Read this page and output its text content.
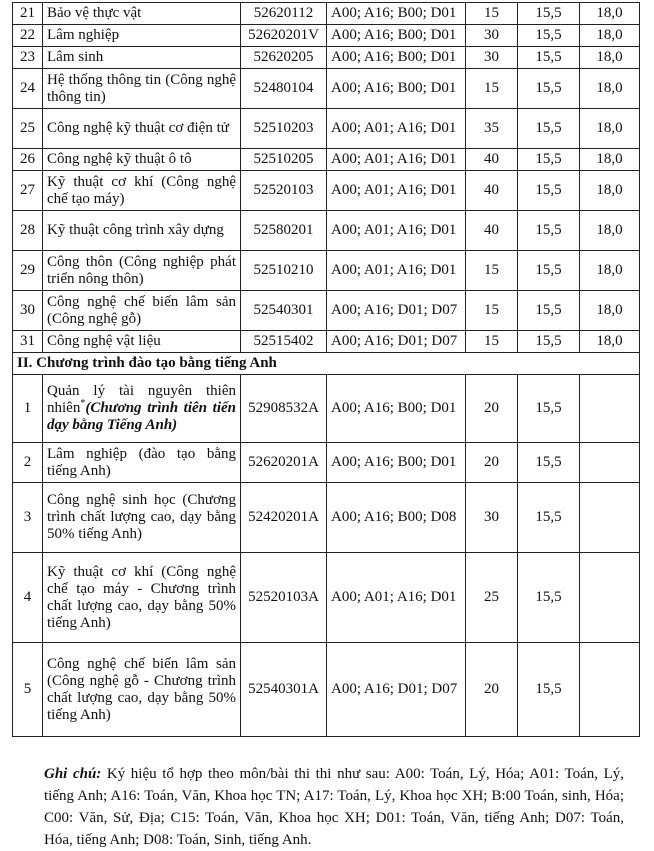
21	Bảo vệ thực vật	52620112	A00; A16; B00; D01	15	15,5	18,0
22	Lâm nghiệp	52620201V	A00; A16; B00; D01	30	15,5	18,0
23	Lâm sinh	52620205	A00; A16; B00; D01	30	15,5	18,0
24	Hệ thống thông tin (Công nghệ thông tin)	52480104	A00; A16; B00; D01	15	15,5	18,0
25	Công nghệ kỹ thuật cơ điện tử	52510203	A00; A01; A16; D01	35	15,5	18,0
26	Công nghệ kỹ thuật ô tô	52510205	A00; A01; A16; D01	40	15,5	18,0
27	Kỹ thuật cơ khí (Công nghệ chế tạo máy)	52520103	A00; A01; A16; D01	40	15,5	18,0
28	Kỹ thuật công trình xây dựng	52580201	A00; A01; A16; D01	40	15,5	18,0
29	Công thôn (Công nghiệp phát triển nông thôn)	52510210	A00; A01; A16; D01	15	15,5	18,0
30	Công nghệ chế biến lâm sản (Công nghệ gỗ)	52540301	A00; A16; D01; D07	15	15,5	18,0
31	Công nghệ vật liệu	52515402	A00; A16; D01; D07	15	15,5	18,0
II. Chương trình đào tạo bằng tiếng Anh						
1	Quản lý tài nguyên thiên nhiên*(Chương trình tiên tiến dạy bằng Tiếng Anh)	52908532A	A00; A16; B00; D01	20	15,5	
2	Lâm nghiệp (đào tạo bằng tiếng Anh)	52620201A	A00; A16; B00; D01	20	15,5	
3	Công nghệ sinh học (Chương trình chất lượng cao, dạy bằng 50% tiếng Anh)	52420201A	A00; A16; B00; D08	30	15,5	
4	Kỹ thuật cơ khí (Công nghệ chế tạo máy - Chương trình chất lượng cao, dạy bằng 50% tiếng Anh)	52520103A	A00; A01; A16; D01	25	15,5	
5	Công nghệ chế biến lâm sản (Công nghệ gỗ - Chương trình chất lượng cao, dạy bằng 50% tiếng Anh)	52540301A	A00; A16; D01; D07	20	15,5	
Ghi chú: Ký hiệu tổ hợp theo môn/bài thi thi như sau: A00: Toán, Lý, Hóa; A01: Toán, Lý, tiếng Anh; A16: Toán, Văn, Khoa học TN; A17: Toán, Lý, Khoa học XH; B:00 Toán, sinh, Hóa; C00: Văn, Sử, Địa; C15: Toán, Văn, Khoa học XH; D01: Toán, Văn, tiếng Anh; D07: Toán, Hóa, tiếng Anh; D08: Toán, Sinh, tiếng Anh.
